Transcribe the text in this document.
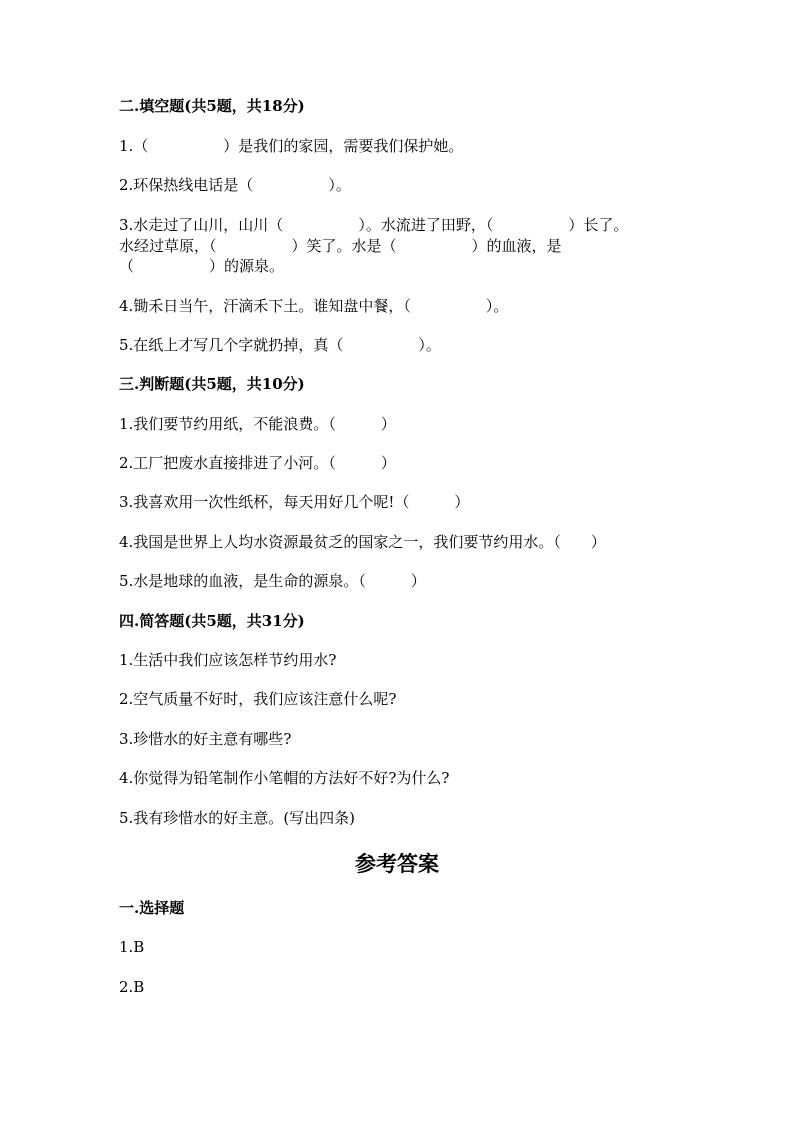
二.填空题(共5题，共18分)
1.（　　　　　）是我们的家园，需要我们保护她。
2.环保热线电话是（　　　　　）。
3.水走过了山川，山川（　　　　　）。水流进了田野，（　　　　　）长了。
水经过草原，（　　　　　）笑了。水是（　　　　　）的血液，是
（　　　　　）的源泉。
4.锄禾日当午，汗滴禾下土。谁知盘中餐，（　　　　　）。
5.在纸上才写几个字就扔掉，真（　　　　　）。
三.判断题(共5题，共10分)
1.我们要节约用纸，不能浪费。（　　　）
2.工厂把废水直接排进了小河。（　　　）
3.我喜欢用一次性纸杯，每天用好几个呢!（　　　）
4.我国是世界上人均水资源最贫乏的国家之一，我们要节约用水。（　　）
5.水是地球的血液，是生命的源泉。（　　　）
四.简答题(共5题，共31分)
1.生活中我们应该怎样节约用水?
2.空气质量不好时，我们应该注意什么呢?
3.珍惜水的好主意有哪些?
4.你觉得为铅笔制作小笔帽的方法好不好?为什么?
5.我有珍惜水的好主意。(写出四条)
参考答案
一.选择题
1.B
2.B
